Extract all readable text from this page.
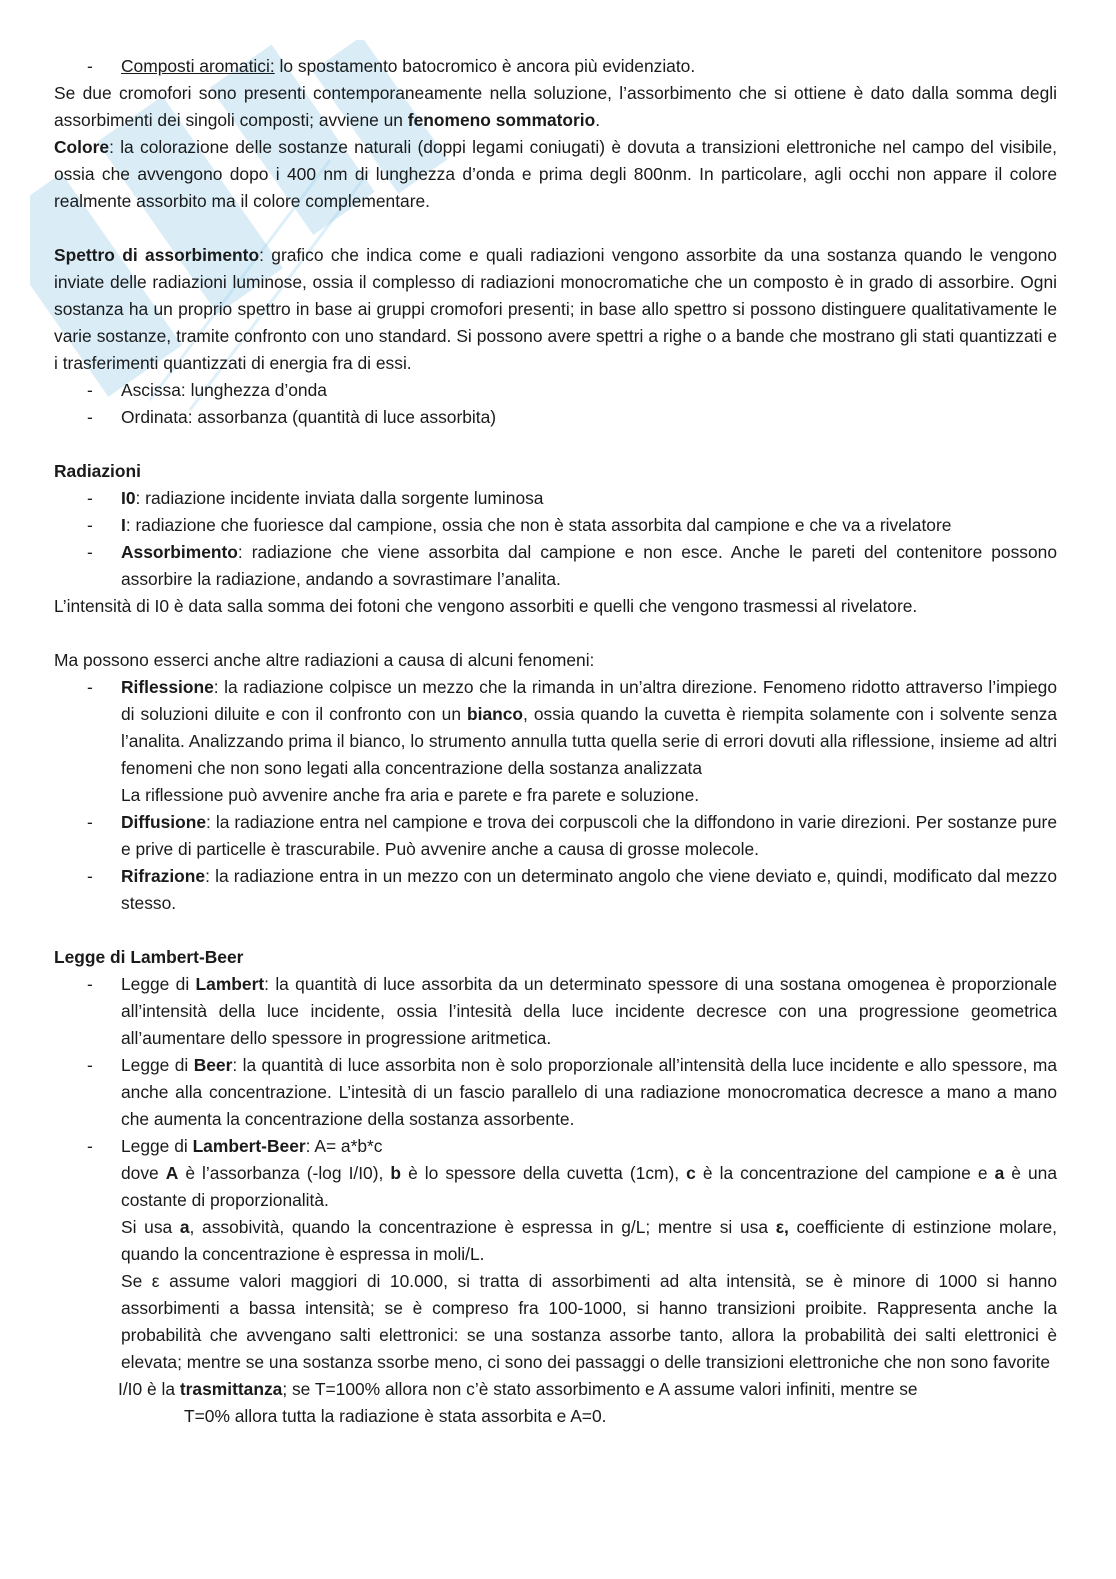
- Composti aromatici: lo spostamento batocromico è ancora più evidenziato.

Se due cromofori sono presenti contemporaneamente nella soluzione, l’assorbimento che si ottiene è dato dalla somma degli assorbimenti dei singoli composti; avviene un fenomeno sommatorio.

Colore: la colorazione delle sostanze naturali (doppi legami coniugati) è dovuta a transizioni elettroniche nel campo del visibile, ossia che avvengono dopo i 400 nm di lunghezza d’onda e prima degli 800nm. In particolare, agli occhi non appare il colore realmente assorbito ma il colore complementare.

Spettro di assorbimento: grafico che indica come e quali radiazioni vengono assorbite da una sostanza quando le vengono inviate delle radiazioni luminose, ossia il complesso di radiazioni monocromatiche che un composto è in grado di assorbire. Ogni sostanza ha un proprio spettro in base ai gruppi cromofori presenti; in base allo spettro si possono distinguere qualitativamente le varie sostanze, tramite confronto con uno standard. Si possono avere spettri a righe o a bande che mostrano gli stati quantizzati e i trasferimenti quantizzati di energia fra di essi.

- Ascissa: lunghezza d’onda
- Ordinata: assorbanza (quantità di luce assorbita)

Radiazioni

- I0: radiazione incidente inviata dalla sorgente luminosa
- I: radiazione che fuoriesce dal campione, ossia che non è stata assorbita dal campione e che va a rivelatore
- Assorbimento: radiazione che viene assorbita dal campione e non esce. Anche le pareti del contenitore possono assorbire la radiazione, andando a sovrastimare l’analita.

L’intensità di I0 è data salla somma dei fotoni che vengono assorbiti e quelli che vengono trasmessi al rivelatore.

Ma possono esserci anche altre radiazioni a causa di alcuni fenomeni:

- Riflessione: la radiazione colpisce un mezzo che la rimanda in un’altra direzione. Fenomeno ridotto attraverso l’impiego di soluzioni diluite e con il confronto con un bianco, ossia quando la cuvetta è riempita solamente con i solvente senza l’analita. Analizzando prima il bianco, lo strumento annulla tutta quella serie di errori dovuti alla riflessione, insieme ad altri fenomeni che non sono legati alla concentrazione della sostanza analizzata
La riflessione può avvenire anche fra aria e parete e fra parete e soluzione.
- Diffusione: la radiazione entra nel campione e trova dei corpuscoli che la diffondono in varie direzioni. Per sostanze pure e prive di particelle è trascurabile. Può avvenire anche a causa di grosse molecole.
- Rifrazione: la radiazione entra in un mezzo con un determinato angolo che viene deviato e, quindi, modificato dal mezzo stesso.

Legge di Lambert-Beer

- Legge di Lambert: la quantità di luce assorbita da un determinato spessore di una sostana omogenea è proporzionale all’intensità della luce incidente, ossia l’intesità della luce incidente decresce con una progressione geometrica all’aumentare dello spessore in progressione aritmetica.
- Legge di Beer: la quantità di luce assorbita non è solo proporzionale all’intensità della luce incidente e allo spessore, ma anche alla concentrazione. L’intesità di un fascio parallelo di una radiazione monocromatica decresce a mano a mano che aumenta la concentrazione della sostanza assorbente.
- Legge di Lambert-Beer: A= a*b*c
dove A è l’assorbanza (-log I/I0), b è lo spessore della cuvetta (1cm), c è la concentrazione del campione e a è una costante di proporzionalità.
Si usa a, assobività, quando la concentrazione è espressa in g/L; mentre si usa ε, coefficiente di estinzione molare, quando la concentrazione è espressa in moli/L.
Se ε assume valori maggiori di 10.000, si tratta di assorbimenti ad alta intensità, se è minore di 1000 si hanno assorbimenti a bassa intensità; se è compreso fra 100-1000, si hanno transizioni proibite. Rappresenta anche la probabilità che avvengano salti elettronici: se una sostanza assorbe tanto, allora la probabilità dei salti elettronici è elevata; mentre se una sostanza ssorbe meno, ci sono dei passaggi o delle transizioni elettroniche che non sono favorite
I/I0 è la trasmittanza; se T=100% allora non c’è stato assorbimento e A assume valori infiniti, mentre se
T=0% allora tutta la radiazione è stata assorbita e A=0.
